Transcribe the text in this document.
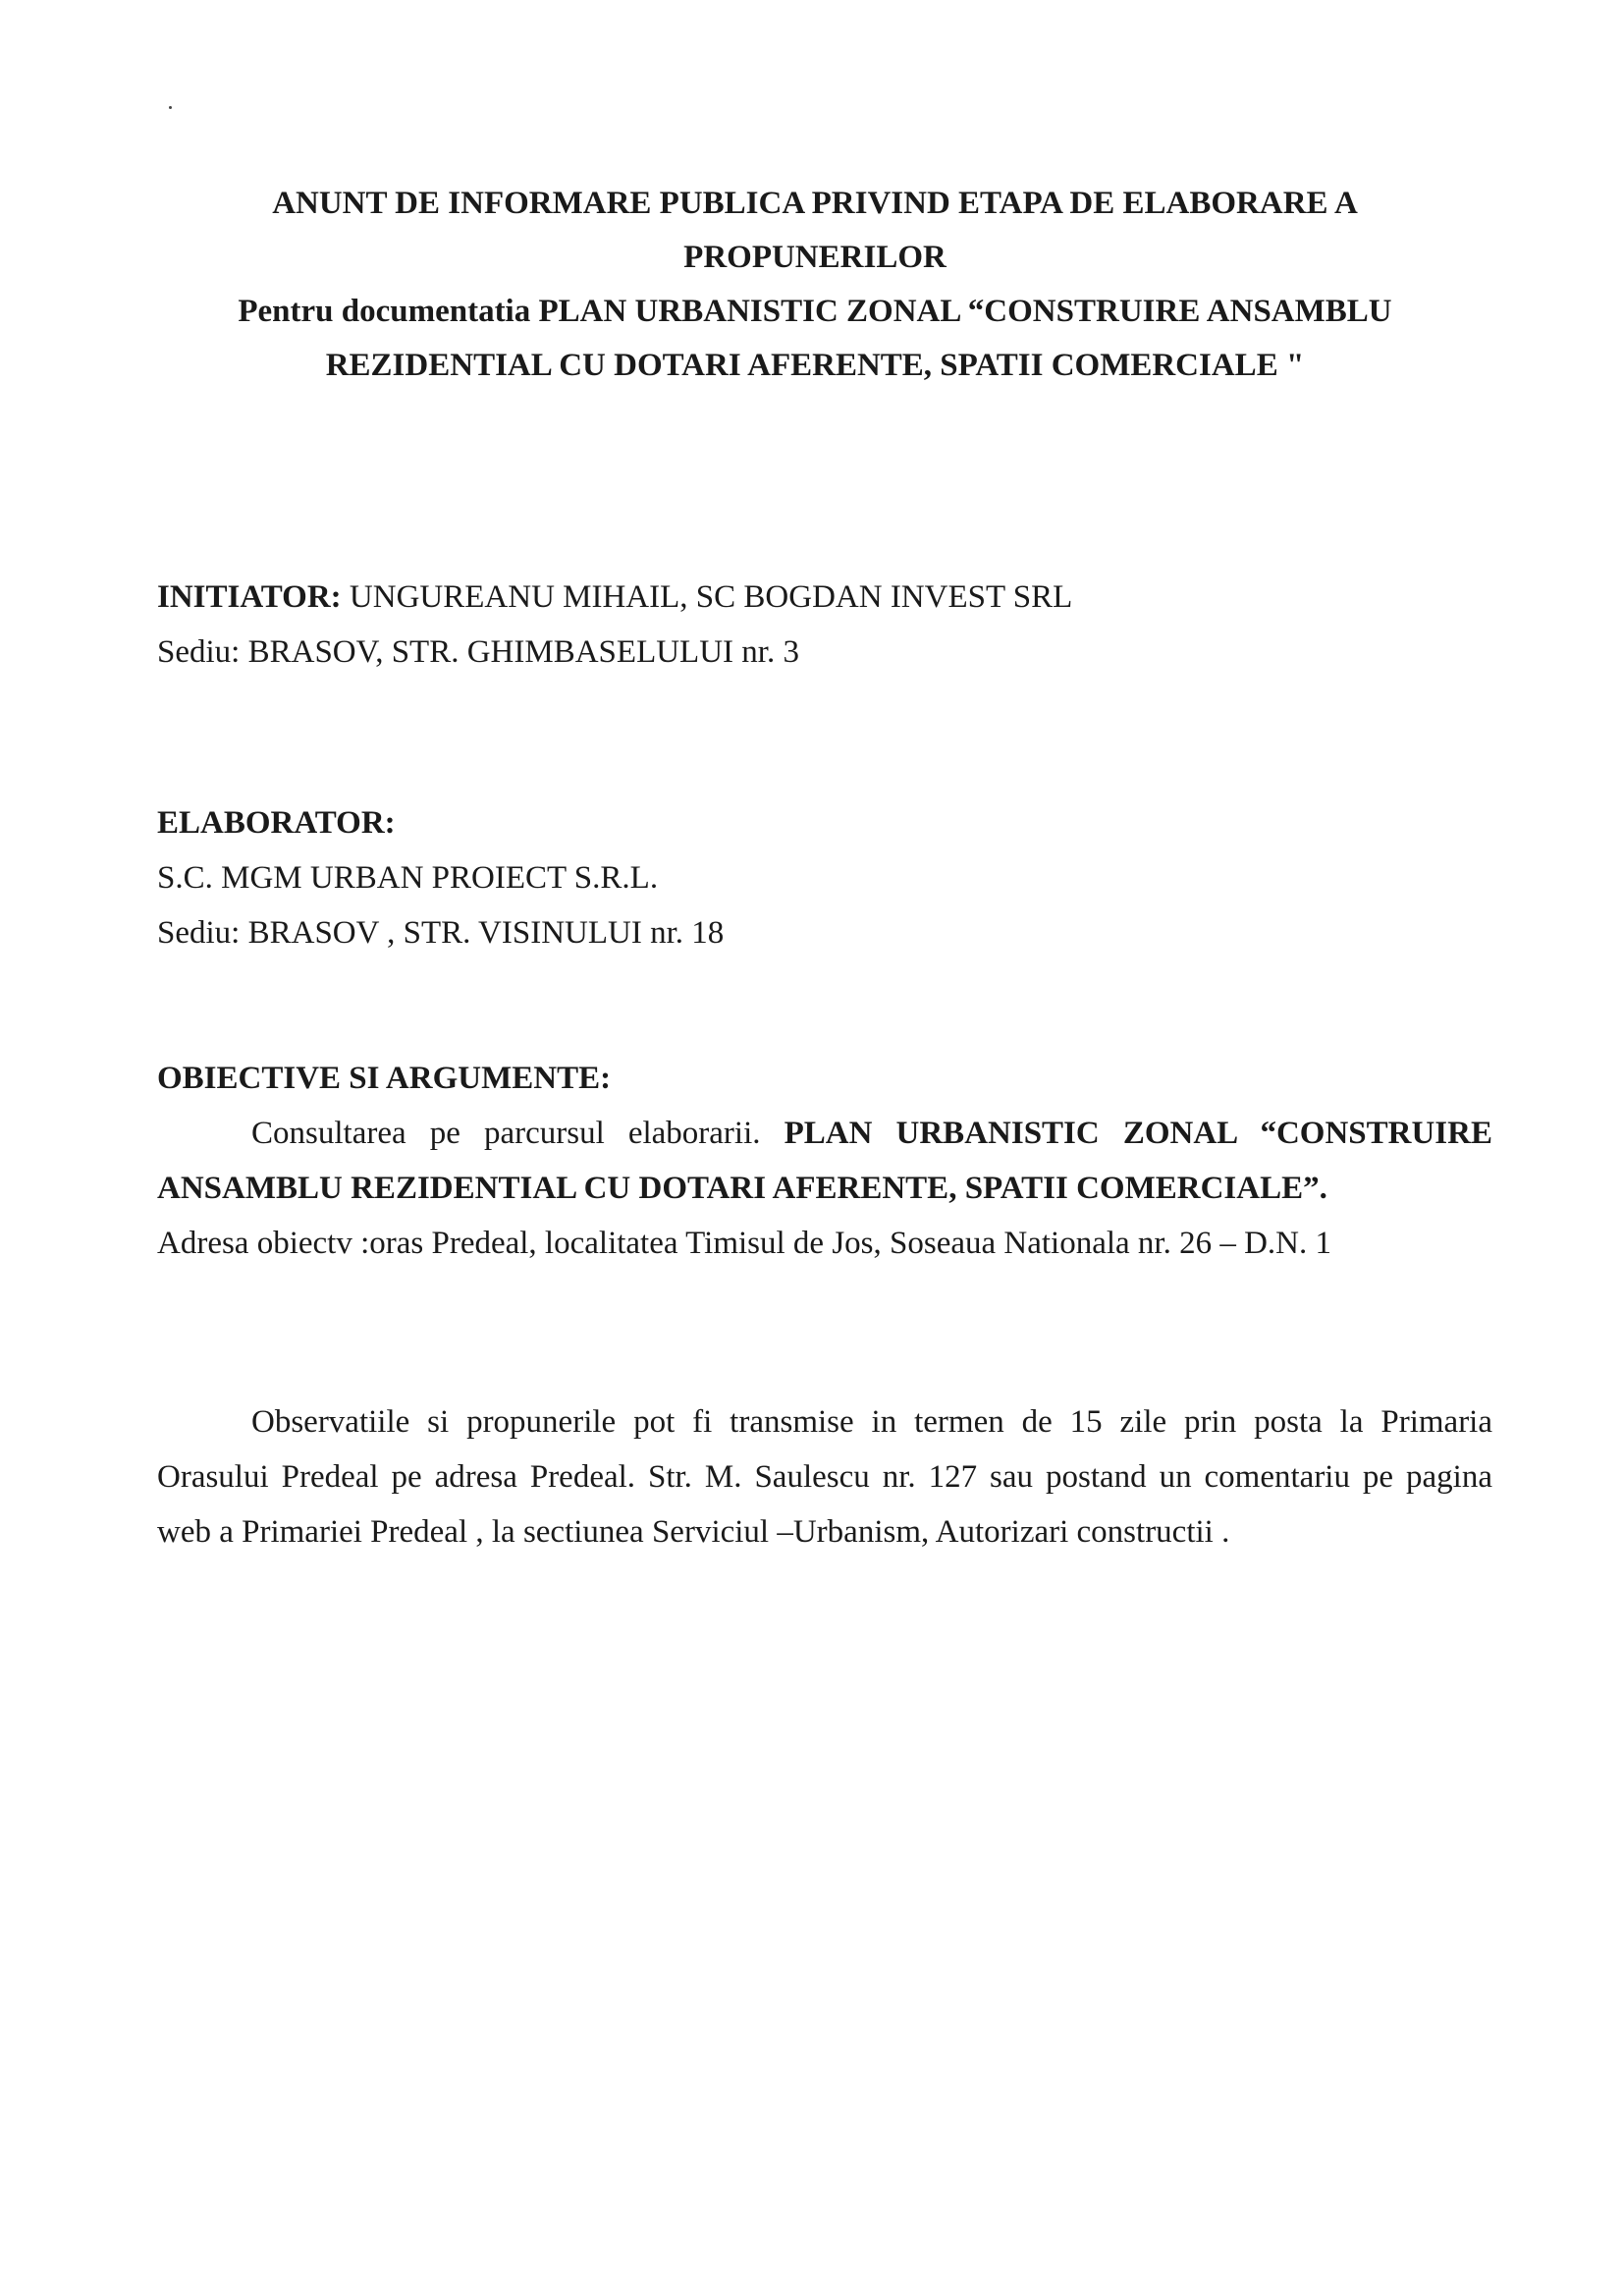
ANUNT DE INFORMARE PUBLICA PRIVIND ETAPA DE ELABORARE A
PROPUNERILOR
Pentru documentatia PLAN URBANISTIC ZONAL “CONSTRUIRE ANSAMBLU
REZIDENTIAL CU DOTARI AFERENTE, SPATII COMERCIALE "
INITIATOR: UNGUREANU MIHAIL, SC BOGDAN INVEST SRL
Sediu: BRASOV, STR. GHIMBASELULUI nr. 3
ELABORATOR:
S.C. MGM URBAN PROIECT S.R.L.
Sediu: BRASOV , STR. VISINULUI nr. 18
OBIECTIVE SI ARGUMENTE:
Consultarea pe parcursul elaborarii. PLAN URBANISTIC ZONAL “CONSTRUIRE
ANSAMBLU REZIDENTIAL CU DOTARI AFERENTE, SPATII COMERCIALE”.
Adresa obiectv :oras Predeal, localitatea Timisul de Jos, Soseaua Nationala nr. 26 – D.N. 1
Observatiile si propunerile pot fi transmise in termen de 15 zile prin posta la Primaria
Orasului Predeal pe adresa Predeal. Str. M. Saulescu nr. 127 sau postand un comentariu pe pagina
web a Primariei Predeal , la sectiunea Serviciul –Urbanism, Autorizari constructii .
